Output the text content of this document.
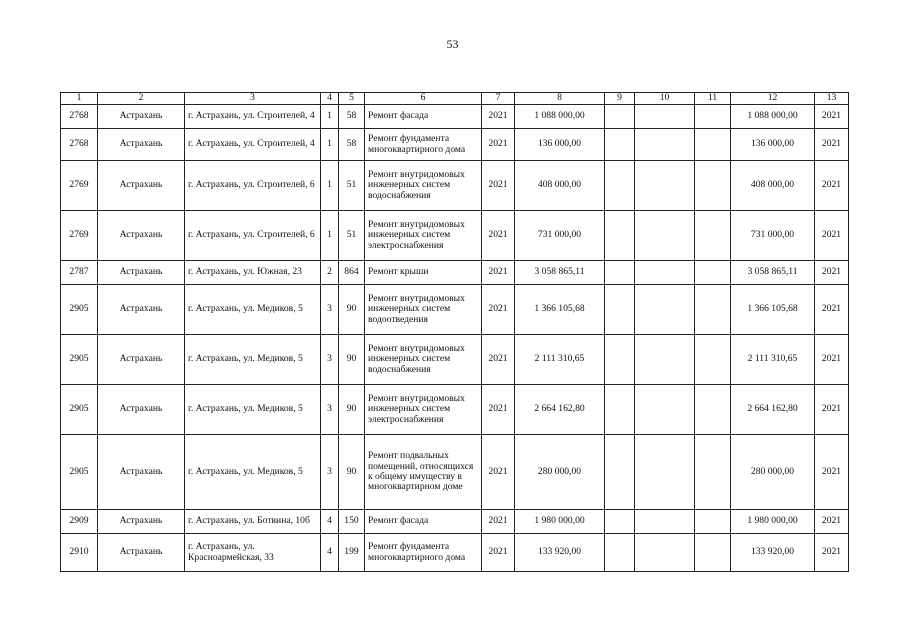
53
1	2	3	4	5	6	7	8	9	10	11	12	13
2768	Астрахань	г. Астрахань, ул. Строителей, 4	1	58	Ремонт фасада	2021	1 088 000,00				1 088 000,00	2021
2768	Астрахань	г. Астрахань, ул. Строителей, 4	1	58	Ремонт фундамента многоквартирного дома	2021	136 000,00				136 000,00	2021
2769	Астрахань	г. Астрахань, ул. Строителей, 6	1	51	Ремонт внутридомовых инженерных систем водоснабжения	2021	408 000,00				408 000,00	2021
2769	Астрахань	г. Астрахань, ул. Строителей, 6	1	51	Ремонт внутридомовых инженерных систем электроснабжения	2021	731 000,00				731 000,00	2021
2787	Астрахань	г. Астрахань, ул. Южная, 23	2	864	Ремонт крыши	2021	3 058 865,11				3 058 865,11	2021
2905	Астрахань	г. Астрахань, ул. Медиков, 5	3	90	Ремонт внутридомовых инженерных систем водоотведения	2021	1 366 105,68				1 366 105,68	2021
2905	Астрахань	г. Астрахань, ул. Медиков, 5	3	90	Ремонт внутридомовых инженерных систем водоснабжения	2021	2 111 310,65				2 111 310,65	2021
2905	Астрахань	г. Астрахань, ул. Медиков, 5	3	90	Ремонт внутридомовых инженерных систем электроснабжения	2021	2 664 162,80				2 664 162,80	2021
2905	Астрахань	г. Астрахань, ул. Медиков, 5	3	90	Ремонт подвальных помещений, относящихся к общему имуществу в многоквартирном доме	2021	280 000,00				280 000,00	2021
2909	Астрахань	г. Астрахань, ул. Ботвина, 10б	4	150	Ремонт фасада	2021	1 980 000,00				1 980 000,00	2021
2910	Астрахань	г. Астрахань, ул. Красноармейская, 33	4	199	Ремонт фундамента многоквартирного дома	2021	133 920,00				133 920,00	2021
